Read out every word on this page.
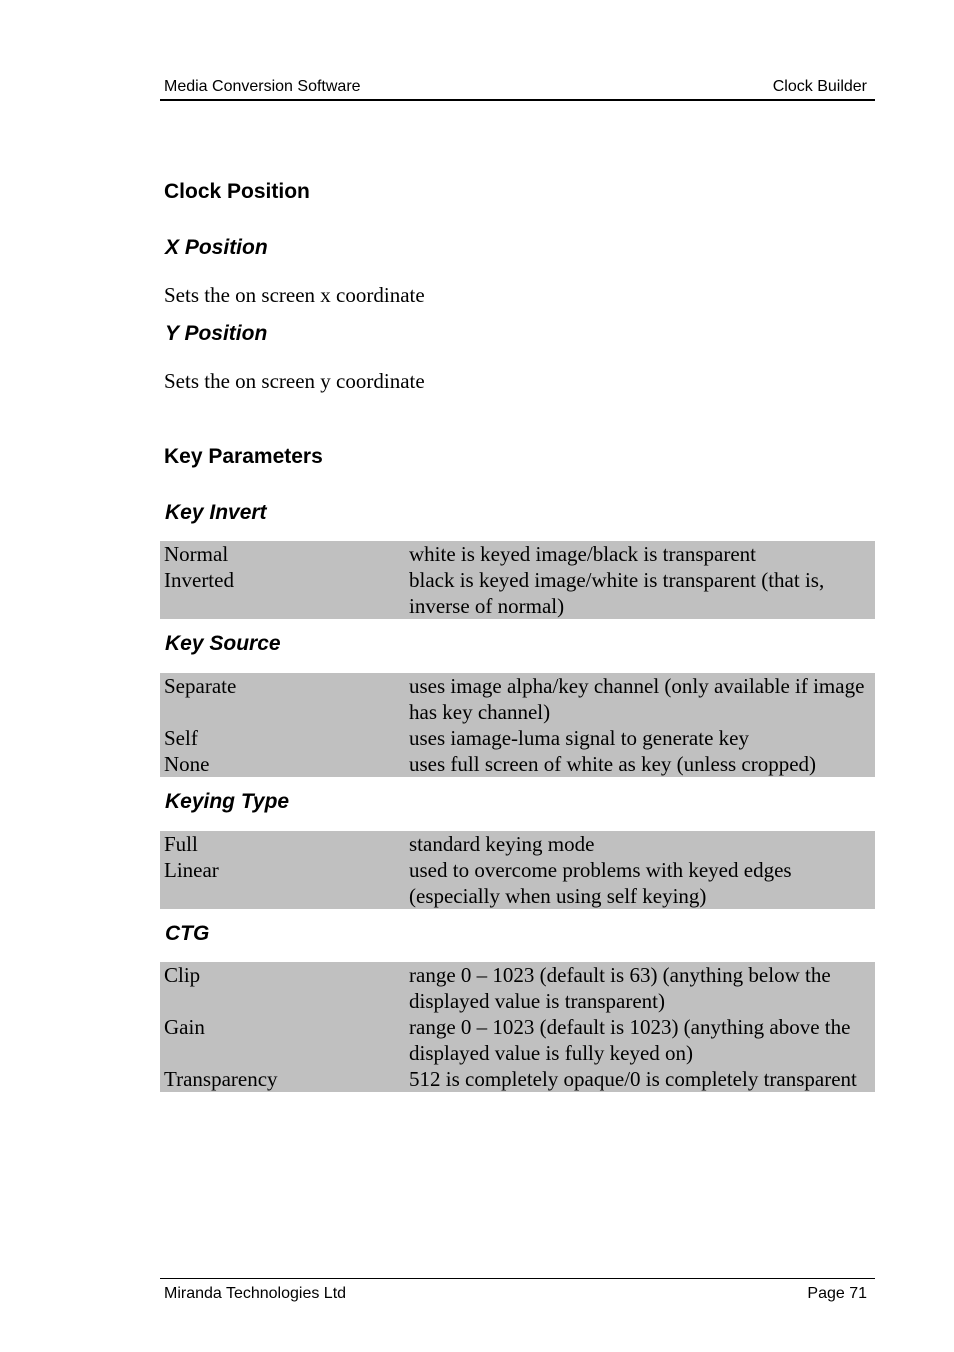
Media Conversion Software	Clock Builder
Clock Position
X Position

Sets the on screen x coordinate

Y Position

Sets the on screen y coordinate

Key Parameters
Key Invert
Normal	white is keyed image/black is transparent
Inverted	black is keyed image/white is transparent (that is, inverse of normal)
Key Source
Separate	uses image alpha/key channel (only available if image has key channel)
Self	uses iamage-luma signal to generate key
None	uses full screen of white as key (unless cropped)
Keying Type
Full	standard keying mode
Linear	used to overcome problems with keyed edges (especially when using self keying)
CTG
Clip	range 0 – 1023 (default is 63) (anything below the displayed value is transparent)
Gain	range 0 – 1023 (default is 1023) (anything above the displayed value is fully keyed on)
Transparency	512 is completely opaque/0 is completely transparent
Miranda Technologies Ltd	Page 71
